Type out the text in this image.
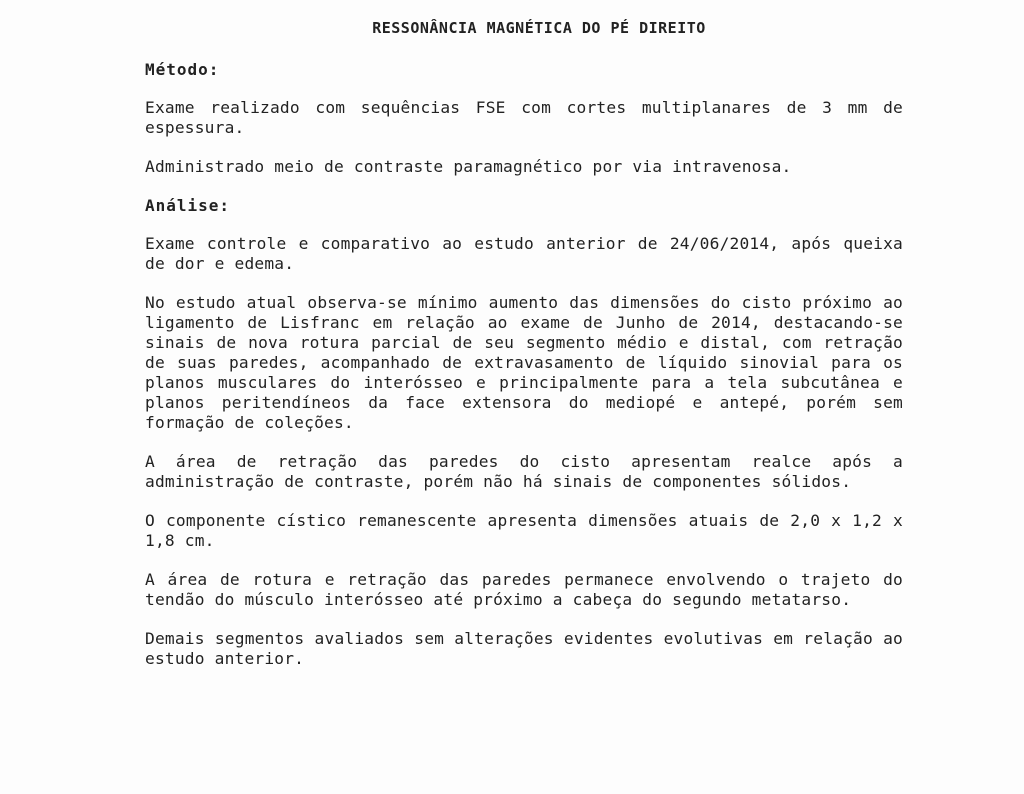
RESSONÂNCIA MAGNÉTICA DO PÉ DIREITO
Método:

Exame realizado com sequências FSE com cortes multiplanares de 3 mm de espessura.

Administrado meio de contraste paramagnético por via intravenosa.

Análise:

Exame controle e comparativo ao estudo anterior de 24/06/2014, após queixa de dor e edema.

No estudo atual observa-se mínimo aumento das dimensões do cisto próximo ao ligamento de Lisfranc em relação ao exame de Junho de 2014, destacando-se sinais de nova rotura parcial de seu segmento médio e distal, com retração de suas paredes, acompanhado de extravasamento de líquido sinovial para os planos musculares do interósseo e principalmente para a tela subcutânea e planos peritendíneos da face extensora do mediopé e antepé, porém sem formação de coleções.

A área de retração das paredes do cisto apresentam realce após a administração de contraste, porém não há sinais de componentes sólidos.

O componente cístico remanescente apresenta dimensões atuais de 2,0 x 1,2 x 1,8 cm.

A área de rotura e retração das paredes permanece envolvendo o trajeto do tendão do músculo interósseo até próximo a cabeça do segundo metatarso.

Demais segmentos avaliados sem alterações evidentes evolutivas em relação ao estudo anterior.
